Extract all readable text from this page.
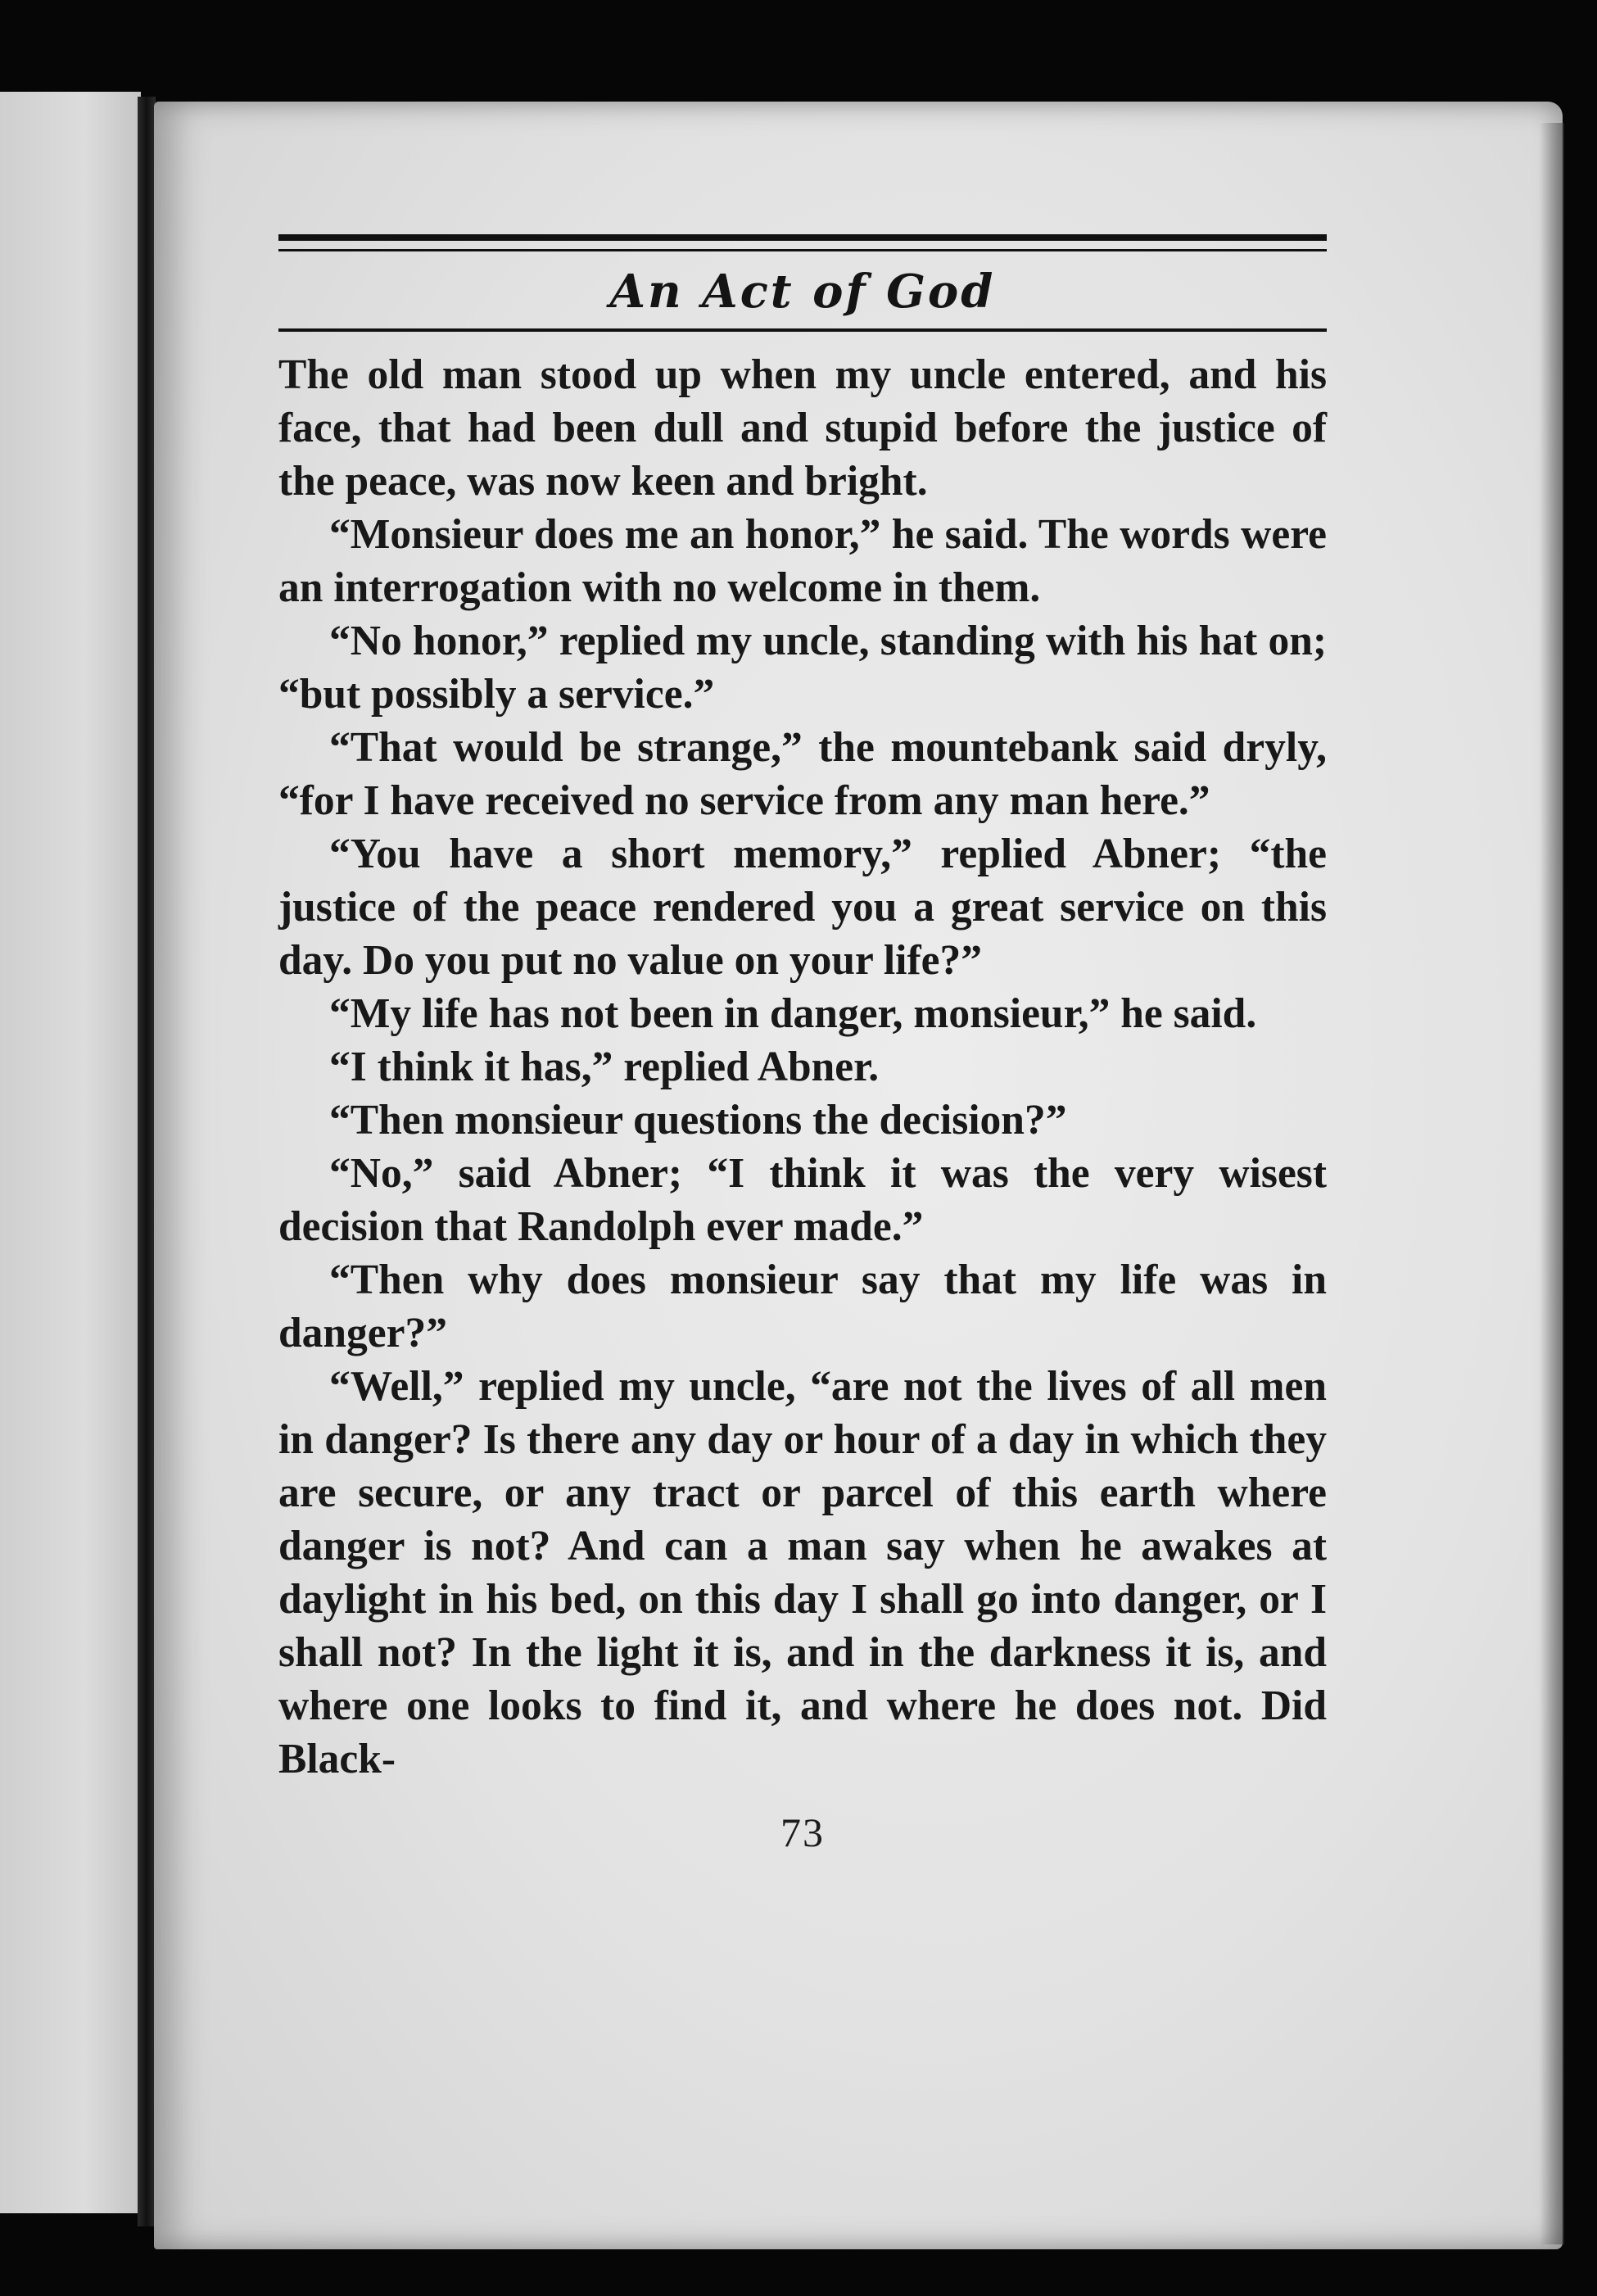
An Act of God

The old man stood up when my uncle entered, and his face, that had been dull and stupid before the justice of the peace, was now keen and bright.

“Monsieur does me an honor,” he said. The words were an interrogation with no welcome in them.

“No honor,” replied my uncle, standing with his hat on; “but possibly a service.”

“That would be strange,” the mountebank said dryly, “for I have received no service from any man here.”

“You have a short memory,” replied Abner; “the justice of the peace rendered you a great service on this day. Do you put no value on your life?”

“My life has not been in danger, monsieur,” he said.

“I think it has,” replied Abner.

“Then monsieur questions the decision?”

“No,” said Abner; “I think it was the very wisest decision that Randolph ever made.”

“Then why does monsieur say that my life was in danger?”

“Well,” replied my uncle, “are not the lives of all men in danger? Is there any day or hour of a day in which they are secure, or any tract or parcel of this earth where danger is not? And can a man say when he awakes at daylight in his bed, on this day I shall go into danger, or I shall not? In the light it is, and in the darkness it is, and where one looks to find it, and where he does not. Did Black-

73
